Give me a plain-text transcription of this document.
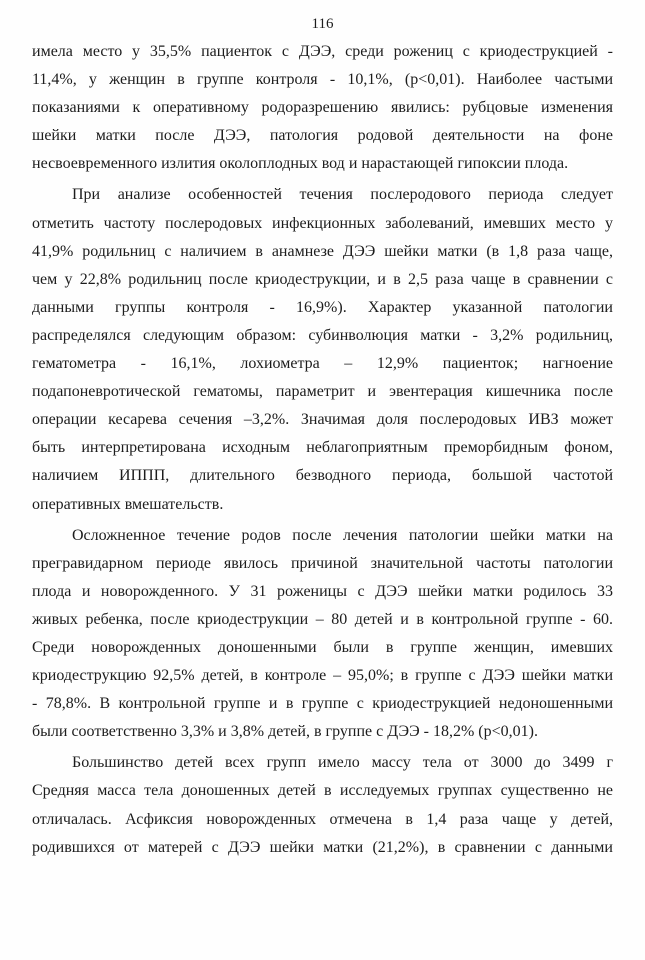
116
имела место у 35,5% пациенток с ДЭЭ, среди рожениц с криодеструкцией -
11,4%, у женщин в группе контроля - 10,1%, (р<0,01). Наиболее частыми
показаниями к оперативному родоразрешению явились: рубцовые изменения
шейки матки после ДЭЭ, патология родовой деятельности на фоне
несвоевременного излития околоплодных вод и нарастающей гипоксии плода.
При анализе особенностей течения послеродового периода следует
отметить частоту послеродовых инфекционных заболеваний, имевших место у
41,9% родильниц с наличием в анамнезе ДЭЭ шейки матки (в 1,8 раза чаще,
чем у 22,8% родильниц после криодеструкции, и в 2,5 раза чаще в сравнении с
данными группы контроля - 16,9%). Характер указанной патологии
распределялся следующим образом: субинволюция матки - 3,2% родильниц,
гематометра - 16,1%, лохиометра – 12,9% пациенток; нагноение
подапоневротической гематомы, параметрит и эвентерация кишечника после
операции кесарева сечения –3,2%. Значимая доля послеродовых ИВЗ может
быть интерпретирована исходным неблагоприятным преморбидным фоном,
наличием ИППП, длительного безводного периода, большой частотой
оперативных вмешательств.
Осложненное течение родов после лечения патологии шейки матки на
прегравидарном периоде явилось причиной значительной частоты патологии
плода и новорожденного. У 31 роженицы с ДЭЭ шейки матки родилось 33
живых ребенка, после криодеструкции – 80 детей и в контрольной группе - 60.
Среди новорожденных доношенными были в группе женщин, имевших
криодеструкцию 92,5% детей, в контроле – 95,0%; в группе с ДЭЭ шейки матки
- 78,8%. В контрольной группе и в группе с криодеструкцией недоношенными
были соответственно 3,3% и 3,8% детей, в группе с ДЭЭ - 18,2% (р<0,01).
Большинство детей всех групп имело массу тела от 3000 до 3499 г
Средняя масса тела доношенных детей в исследуемых группах существенно не
отличалась. Асфиксия новорожденных отмечена в 1,4 раза чаще у детей,
родившихся от матерей с ДЭЭ шейки матки (21,2%), в сравнении с данными
